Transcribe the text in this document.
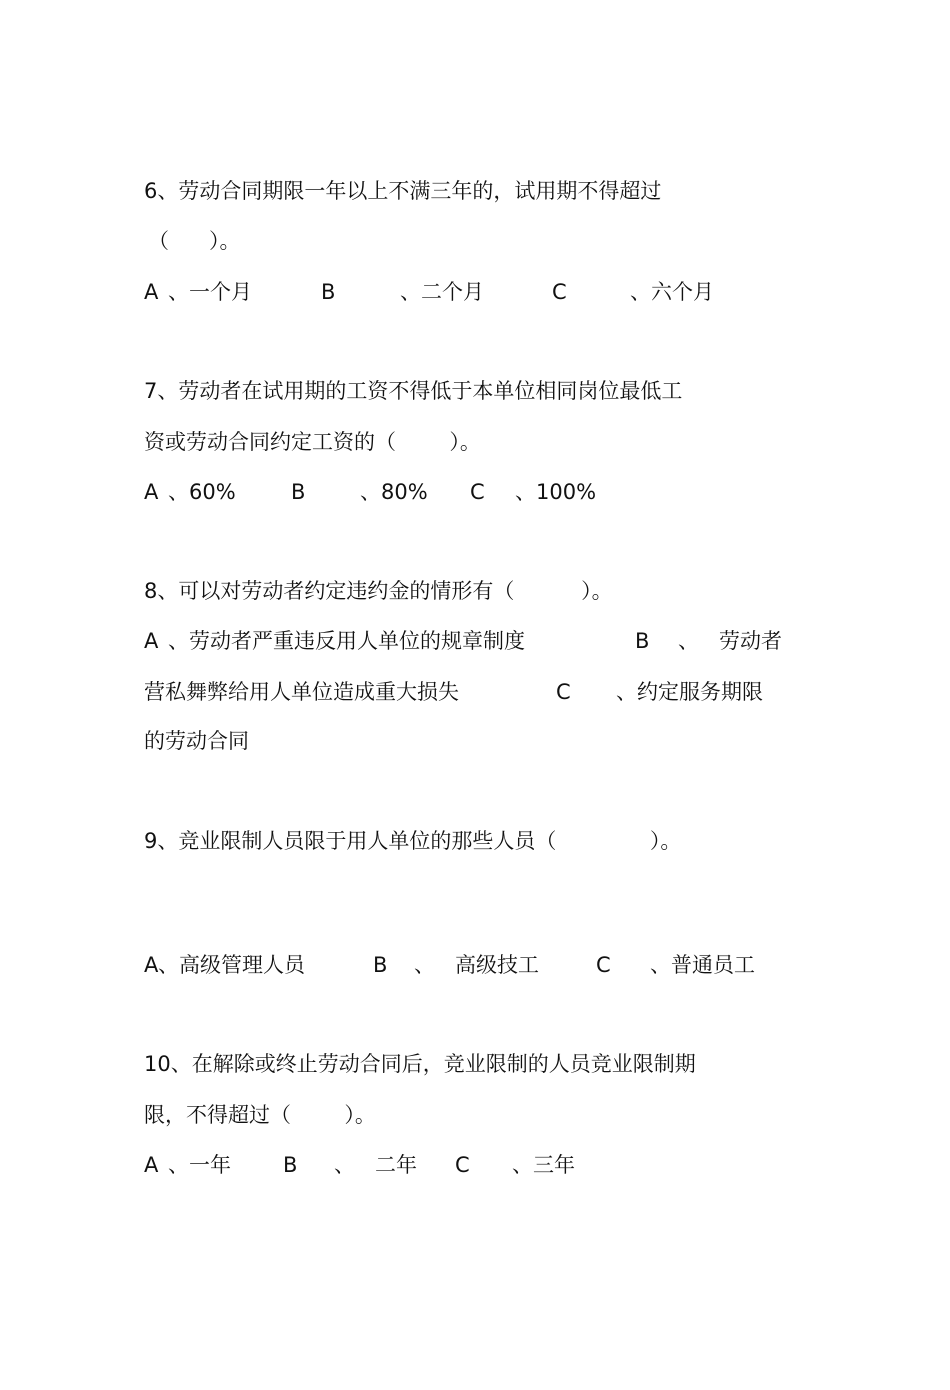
6、劳动合同期限一年以上不满三年的，试用期不得超过
（      ）。

A

、一个月

	B

	、二个月

	C

	、六个月

7、劳动者在试用期的工资不得低于本单位相同岗位最低工
资或劳动合同约定工资的（        ）。

A

、60%

	B

	、80%

C

、100%

8、可以对劳动者约定违约金的情形有（          ）。

A

、劳动者严重违反用人单位的规章制度

	B

、   劳动者

营私舞弊给用人单位造成重大损失

	C

、约定服务期限

的劳动合同
9、竞业限制人员限于用人单位的那些人员（              ）。

A

、高级管理人员

	B

、   高级技工

	C

、普通员工

10、在解除或终止劳动合同后，竞业限制的人员竞业限制期
限，不得超过（        ）。

A

、一年

B

、   二年

C

、三年
